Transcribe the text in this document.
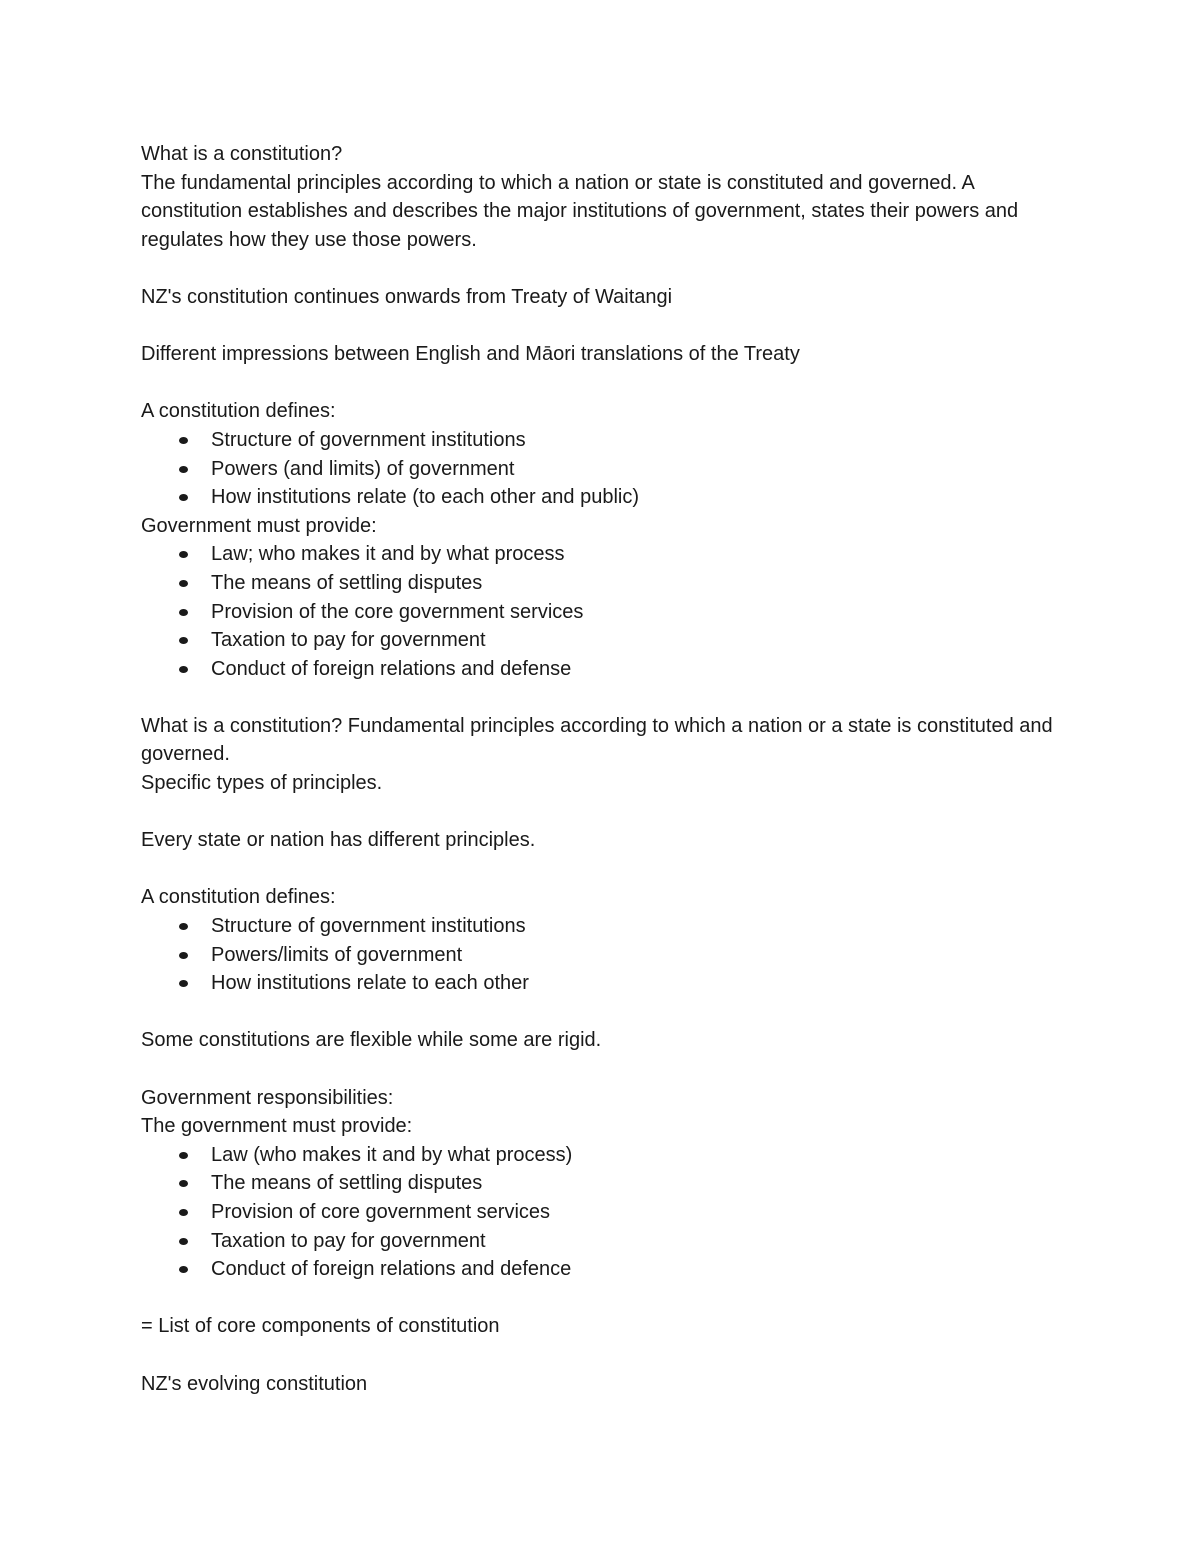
What is a constitution?

The fundamental principles according to which a nation or state is constituted and governed. A constitution establishes and describes the major institutions of government, states their powers and regulates how they use those powers.

NZ's constitution continues onwards from Treaty of Waitangi

Different impressions between English and Māori translations of the Treaty

A constitution defines:

Structure of government institutions
Powers (and limits) of government
How institutions relate (to each other and public)

Government must provide:

Law; who makes it and by what process
The means of settling disputes
Provision of the core government services
Taxation to pay for government
Conduct of foreign relations and defense

What is a constitution? Fundamental principles according to which a nation or a state is constituted and governed.

Specific types of principles.

Every state or nation has different principles.

A constitution defines:

Structure of government institutions
Powers/limits of government
How institutions relate to each other

Some constitutions are flexible while some are rigid.

Government responsibilities:

The government must provide:

Law (who makes it and by what process)
The means of settling disputes
Provision of core government services
Taxation to pay for government
Conduct of foreign relations and defence

= List of core components of constitution

NZ's evolving constitution
